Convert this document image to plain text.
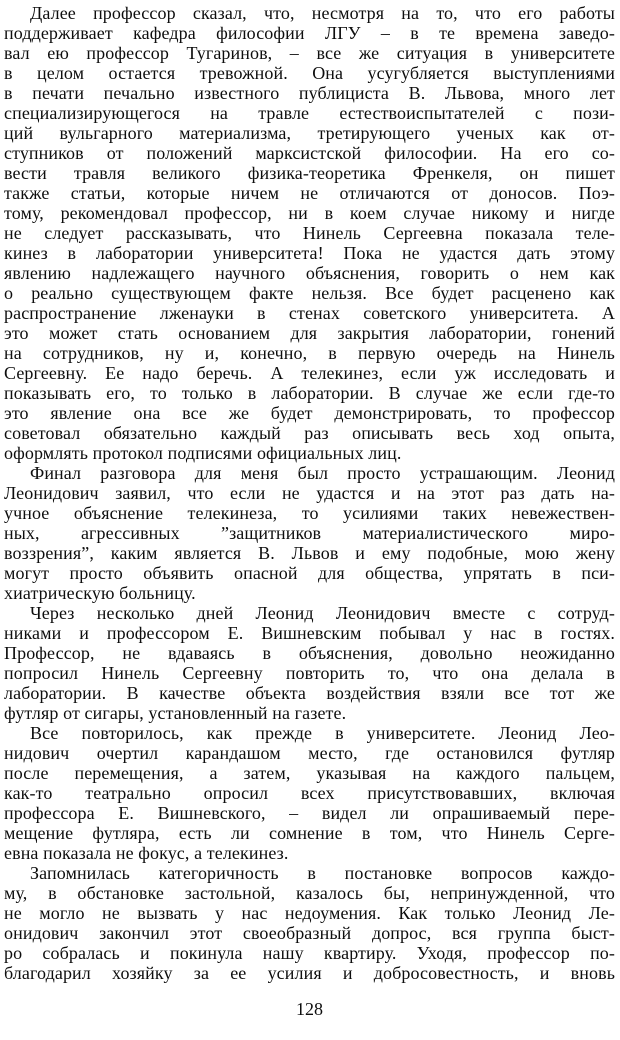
Далее профессор сказал, что, несмотря на то, что его работы
поддерживает кафедра философии ЛГУ – в те времена заведо-
вал ею профессор Тугаринов, – все же ситуация в университете
в целом остается тревожной. Она усугубляется выступлениями
в печати печально известного публициста В. Львова, много лет
специализирующегося на травле естествоиспытателей с пози-
ций вульгарного материализма, третирующего ученых как от-
ступников от положений марксистской философии. На его со-
вести травля великого физика-теоретика Френкеля, он пишет
также статьи, которые ничем не отличаются от доносов. Поэ-
тому, рекомендовал профессор, ни в коем случае никому и нигде
не следует рассказывать, что Нинель Сергеевна показала теле-
кинез в лаборатории университета! Пока не удастся дать этому
явлению надлежащего научного объяснения, говорить о нем как
о реально существующем факте нельзя. Все будет расценено как
распространение лженауки в стенах советского университета. А
это может стать основанием для закрытия лаборатории, гонений
на сотрудников, ну и, конечно, в первую очередь на Нинель
Сергеевну. Ее надо беречь. А телекинез, если уж исследовать и
показывать его, то только в лаборатории. В случае же если где-то
это явление она все же будет демонстрировать, то профессор
советовал обязательно каждый раз описывать весь ход опыта,
оформлять протокол подписями официальных лиц.

Финал разговора для меня был просто устрашающим. Леонид
Леонидович заявил, что если не удастся и на этот раз дать на-
учное объяснение телекинеза, то усилиями таких невежествен-
ных, агрессивных ”защитников материалистического миро-
воззрения”, каким является В. Львов и ему подобные, мою жену
могут просто объявить опасной для общества, упрятать в пси-
хиатрическую больницу.

Через несколько дней Леонид Леонидович вместе с сотруд-
никами и профессором Е. Вишневским побывал у нас в гостях.
Профессор, не вдаваясь в объяснения, довольно неожиданно
попросил Нинель Сергеевну повторить то, что она делала в
лаборатории. В качестве объекта воздействия взяли все тот же
футляр от сигары, установленный на газете.

Все повторилось, как прежде в университете. Леонид Лео-
нидович очертил карандашом место, где остановился футляр
после перемещения, а затем, указывая на каждого пальцем,
как-то театрально опросил всех присутствовавших, включая
профессора Е. Вишневского, – видел ли опрашиваемый пере-
мещение футляра, есть ли сомнение в том, что Нинель Серге-
евна показала не фокус, а телекинез.

Запомнилась категоричность в постановке вопросов каждо-
му, в обстановке застольной, казалось бы, непринужденной, что
не могло не вызвать у нас недоумения. Как только Леонид Ле-
онидович закончил этот своеобразный допрос, вся группа быст-
ро собралась и покинула нашу квартиру. Уходя, профессор по-
благодарил хозяйку за ее усилия и добросовестность, и вновь

128
